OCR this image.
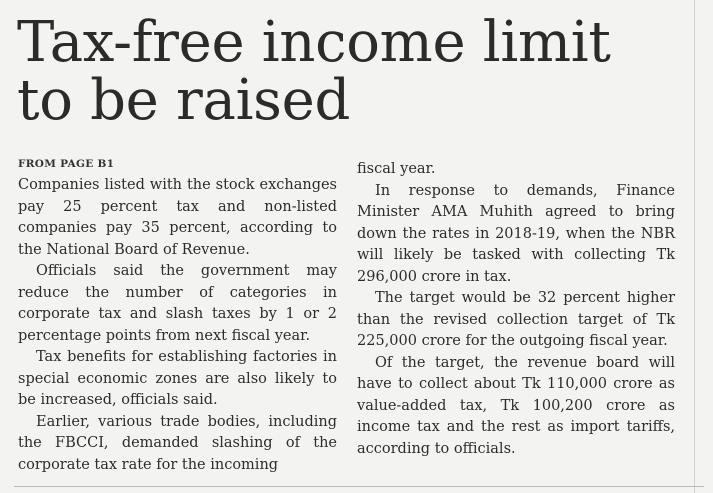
Tax-free income limit
to be raised
FROM PAGE B1

Companies listed with the stock exchanges pay 25 percent tax and non-listed companies pay 35 percent, according to the National Board of Revenue.

Officials said the government may reduce the number of categories in corporate tax and slash taxes by 1 or 2 percentage points from next fiscal year.

Tax benefits for establishing factories in special economic zones are also likely to be increased, officials said.

Earlier, various trade bodies, including the FBCCI, demanded slashing of the corporate tax rate for the incoming

fiscal year.

In response to demands, Finance Minister AMA Muhith agreed to bring down the rates in 2018-19, when the NBR will likely be tasked with collecting Tk 296,000 crore in tax.

The target would be 32 percent higher than the revised collection target of Tk 225,000 crore for the outgoing fiscal year.

Of the target, the revenue board will have to collect about Tk 110,000 crore as value-added tax, Tk 100,200 crore as income tax and the rest as import tariffs, according to officials.
